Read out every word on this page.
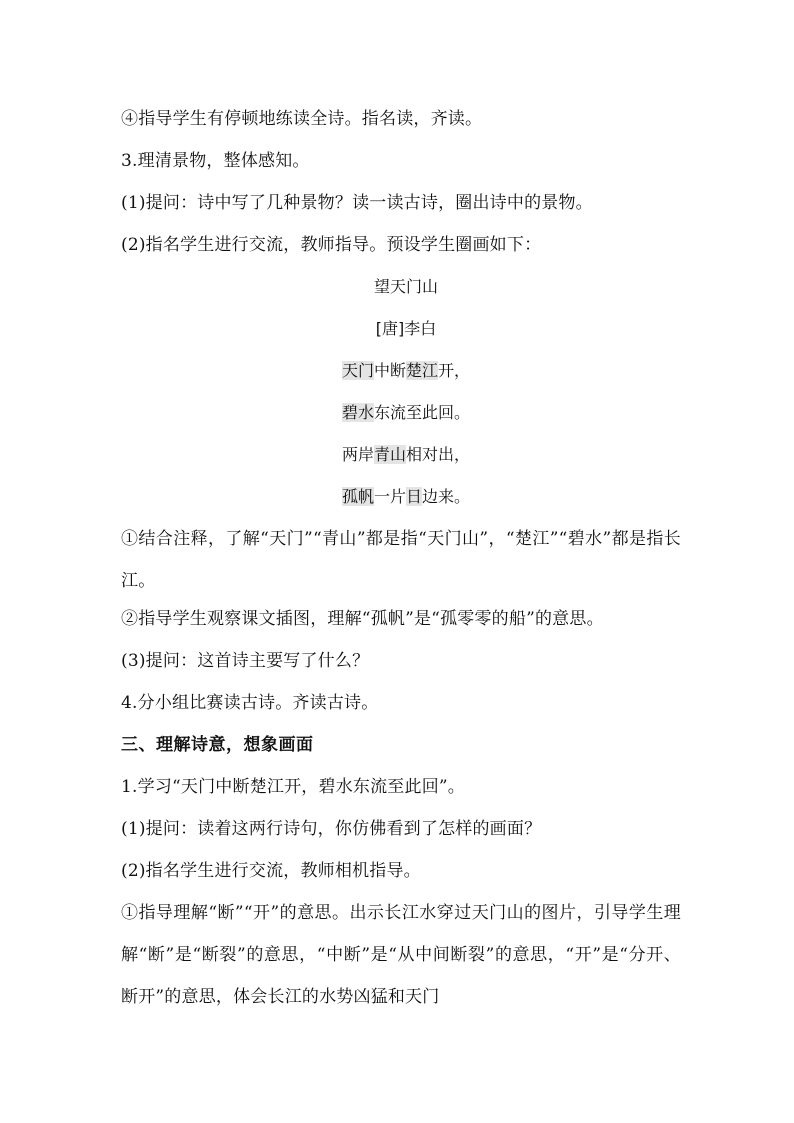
④指导学生有停顿地练读全诗。指名读，齐读。
3.理清景物，整体感知。
(1)提问：诗中写了几种景物？读一读古诗，圈出诗中的景物。
(2)指名学生进行交流，教师指导。预设学生圈画如下：
望天门山
[唐]李白
天门中断楚江开，
碧水东流至此回。
两岸青山相对出，
孤帆一片日边来。
①结合注释，了解“天门”“青山”都是指“天门山”，“楚江”“碧水”都是指长江。
②指导学生观察课文插图，理解“孤帆”是“孤零零的船”的意思。
(3)提问：这首诗主要写了什么？
4.分小组比赛读古诗。齐读古诗。
三、理解诗意，想象画面
1.学习“天门中断楚江开，碧水东流至此回”。
(1)提问：读着这两行诗句，你仿佛看到了怎样的画面？
(2)指名学生进行交流，教师相机指导。
①指导理解“断”“开”的意思。出示长江水穿过天门山的图片，引导学生理解“断”是“断裂”的意思，“中断”是“从中间断裂”的意思，“开”是“分开、断开”的意思，体会长江的水势凶猛和天门
